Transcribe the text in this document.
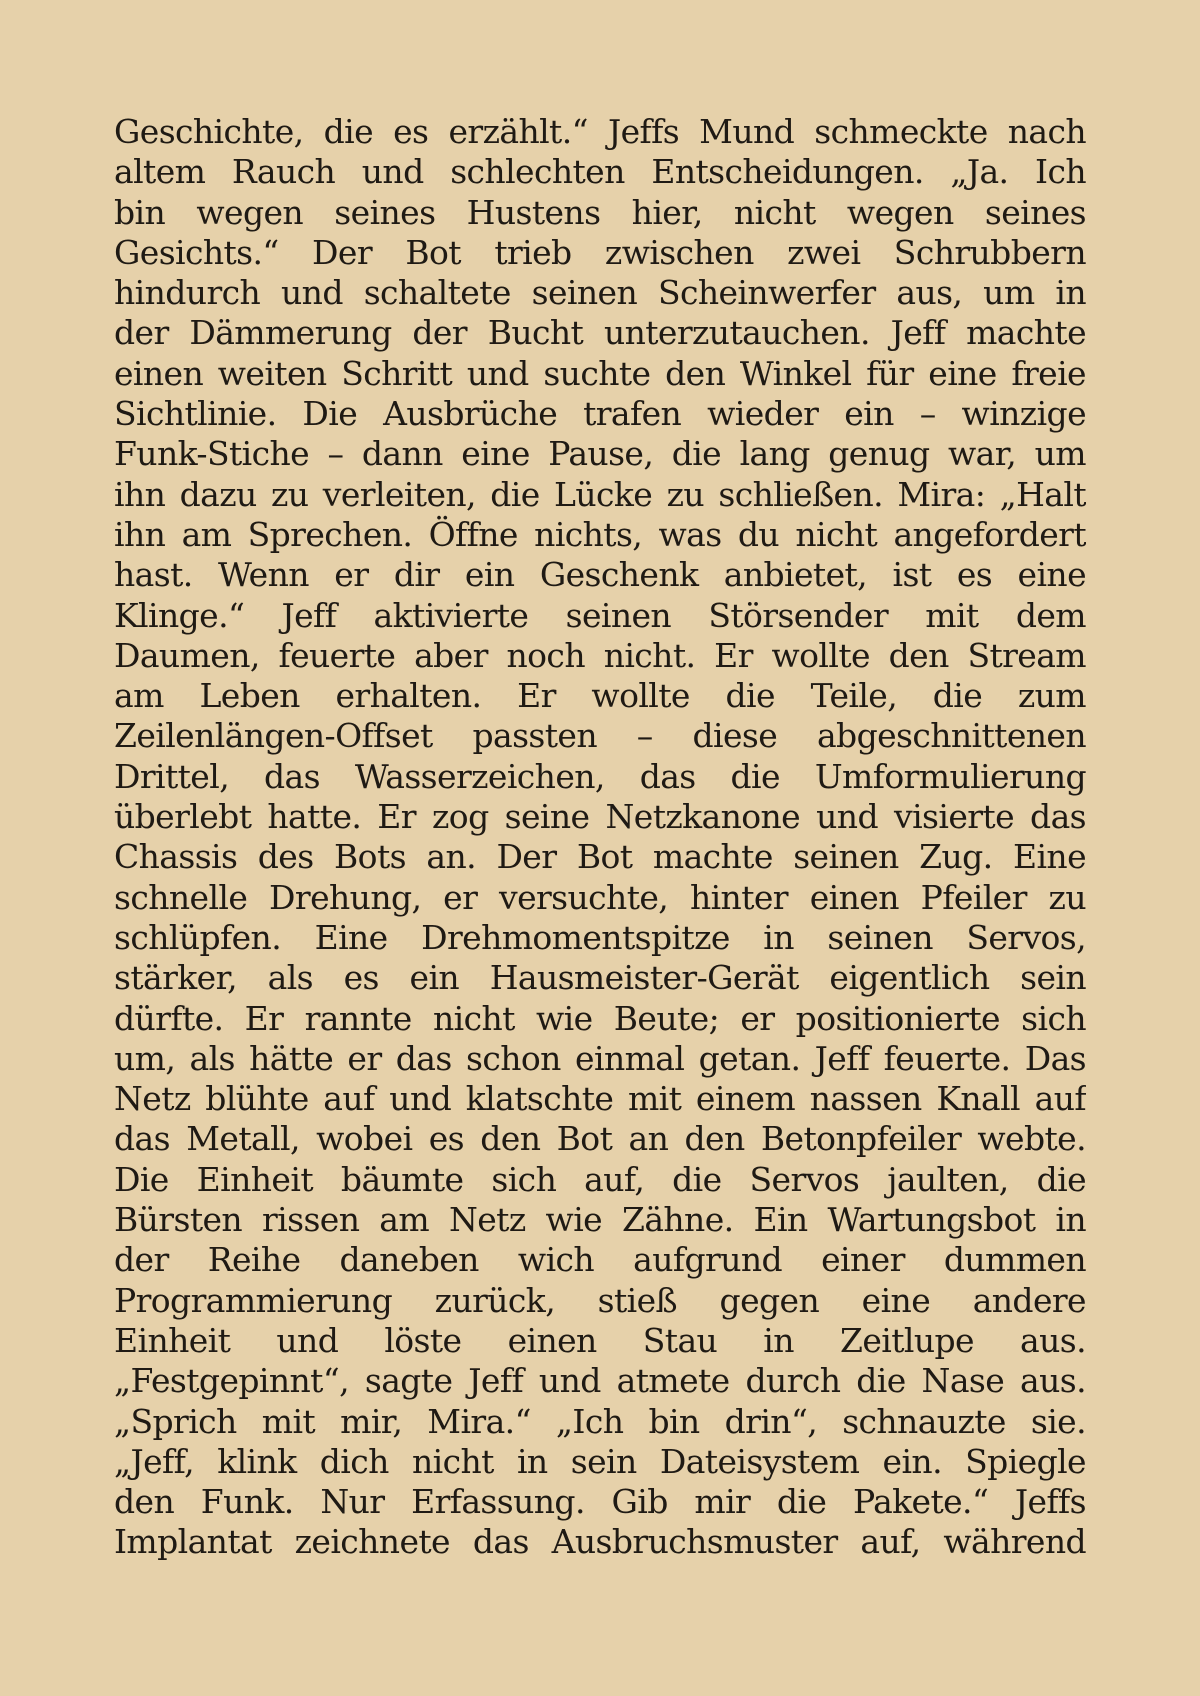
Geschichte, die es erzählt.“ Jeffs Mund schmeckte nach
altem Rauch und schlechten Entscheidungen. „Ja. Ich
bin wegen seines Hustens hier, nicht wegen seines
Gesichts.“ Der Bot trieb zwischen zwei Schrubbern
hindurch und schaltete seinen Scheinwerfer aus, um in
der Dämmerung der Bucht unterzutauchen. Jeff machte
einen weiten Schritt und suchte den Winkel für eine freie
Sichtlinie. Die Ausbrüche trafen wieder ein – winzige
Funk-Stiche – dann eine Pause, die lang genug war, um
ihn dazu zu verleiten, die Lücke zu schließen. Mira: „Halt
ihn am Sprechen. Öffne nichts, was du nicht angefordert
hast. Wenn er dir ein Geschenk anbietet, ist es eine
Klinge.“ Jeff aktivierte seinen Störsender mit dem
Daumen, feuerte aber noch nicht. Er wollte den Stream
am Leben erhalten. Er wollte die Teile, die zum
Zeilenlängen-Offset passten – diese abgeschnittenen
Drittel, das Wasserzeichen, das die Umformulierung
überlebt hatte. Er zog seine Netzkanone und visierte das
Chassis des Bots an. Der Bot machte seinen Zug. Eine
schnelle Drehung, er versuchte, hinter einen Pfeiler zu
schlüpfen. Eine Drehmomentspitze in seinen Servos,
stärker, als es ein Hausmeister-Gerät eigentlich sein
dürfte. Er rannte nicht wie Beute; er positionierte sich
um, als hätte er das schon einmal getan. Jeff feuerte. Das
Netz blühte auf und klatschte mit einem nassen Knall auf
das Metall, wobei es den Bot an den Betonpfeiler webte.
Die Einheit bäumte sich auf, die Servos jaulten, die
Bürsten rissen am Netz wie Zähne. Ein Wartungsbot in
der Reihe daneben wich aufgrund einer dummen
Programmierung zurück, stieß gegen eine andere
Einheit und löste einen Stau in Zeitlupe aus.
„Festgepinnt“, sagte Jeff und atmete durch die Nase aus.
„Sprich mit mir, Mira.“ „Ich bin drin“, schnauzte sie.
„Jeff, klink dich nicht in sein Dateisystem ein. Spiegle
den Funk. Nur Erfassung. Gib mir die Pakete.“ Jeffs
Implantat zeichnete das Ausbruchsmuster auf, während
